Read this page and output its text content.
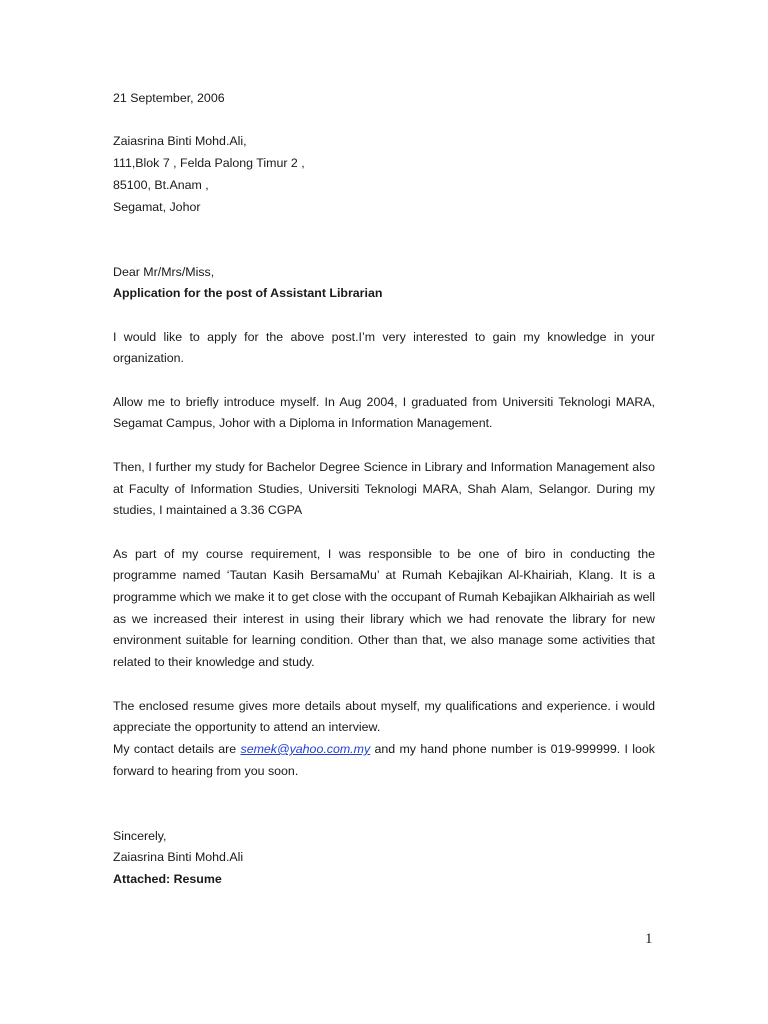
21 September, 2006

Zaiasrina Binti Mohd.Ali,

111,Blok 7 , Felda Palong Timur 2 ,

85100, Bt.Anam ,

Segamat, Johor

Dear Mr/Mrs/Miss,

Application for the post of Assistant Librarian

I would like to apply for the above post.I’m very interested to gain my knowledge in your organization.

Allow me to briefly introduce myself. In Aug 2004, I graduated from Universiti Teknologi MARA, Segamat Campus, Johor with a Diploma in Information Management.

Then, I further my study for Bachelor Degree Science in Library and Information Management also at Faculty of Information Studies, Universiti Teknologi MARA, Shah Alam, Selangor. During my studies, I maintained a 3.36 CGPA

As part of my course requirement, I was responsible to be one of biro in conducting the programme named ‘Tautan Kasih BersamaMu’ at Rumah Kebajikan Al-Khairiah, Klang. It is a programme which we make it to get close with the occupant of Rumah Kebajikan Alkhairiah as well as we increased their interest in using their library which we had renovate the library for new environment suitable for learning condition. Other than that, we also manage some activities that related to their knowledge and study.

The enclosed resume gives more details about myself, my qualifications and experience. i would appreciate the opportunity to attend an interview.

My contact details are semek@yahoo.com.my and my hand phone number is 019-999999. I look forward to hearing from you soon.

Sincerely,

Zaiasrina Binti Mohd.Ali

Attached: Resume

1
